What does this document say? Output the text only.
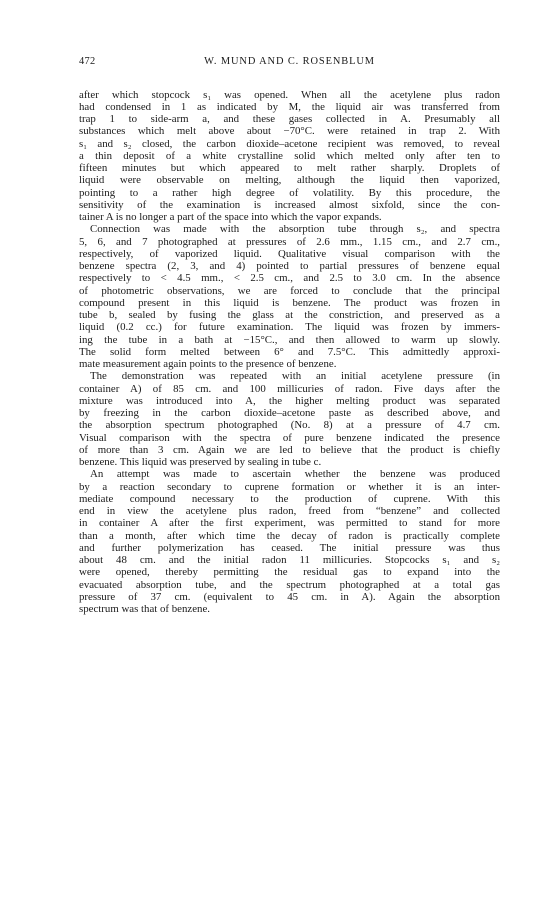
472	W. MUND AND C. ROSENBLUM
after which stopcock s₁ was opened. When all the acetylene plus radon
had condensed in 1 as indicated by M, the liquid air was transferred from
trap 1 to side-arm a, and these gases collected in A. Presumably all
substances which melt above about −70°C. were retained in trap 2. With
s₁ and s₂ closed, the carbon dioxide–acetone recipient was removed, to reveal
a thin deposit of a white crystalline solid which melted only after ten to
fifteen minutes but which appeared to melt rather sharply. Droplets of
liquid were observable on melting, although the liquid then vaporized,
pointing to a rather high degree of volatility. By this procedure, the
sensitivity of the examination is increased almost sixfold, since the con-
tainer A is no longer a part of the space into which the vapor expands.
Connection was made with the absorption tube through s₂, and spectra
5, 6, and 7 photographed at pressures of 2.6 mm., 1.15 cm., and 2.7 cm.,
respectively, of vaporized liquid. Qualitative visual comparison with the
benzene spectra (2, 3, and 4) pointed to partial pressures of benzene equal
respectively to < 4.5 mm., < 2.5 cm., and 2.5 to 3.0 cm. In the absence
of photometric observations, we are forced to conclude that the principal
compound present in this liquid is benzene. The product was frozen in
tube b, sealed by fusing the glass at the constriction, and preserved as a
liquid (0.2 cc.) for future examination. The liquid was frozen by immers-
ing the tube in a bath at −15°C., and then allowed to warm up slowly.
The solid form melted between 6° and 7.5°C. This admittedly approxi-
mate measurement again points to the presence of benzene.
The demonstration was repeated with an initial acetylene pressure (in
container A) of 85 cm. and 100 millicuries of radon. Five days after the
mixture was introduced into A, the higher melting product was separated
by freezing in the carbon dioxide–acetone paste as described above, and
the absorption spectrum photographed (No. 8) at a pressure of 4.7 cm.
Visual comparison with the spectra of pure benzene indicated the presence
of more than 3 cm. Again we are led to believe that the product is chiefly
benzene. This liquid was preserved by sealing in tube c.
An attempt was made to ascertain whether the benzene was produced
by a reaction secondary to cuprene formation or whether it is an inter-
mediate compound necessary to the production of cuprene. With this
end in view the acetylene plus radon, freed from “benzene” and collected
in container A after the first experiment, was permitted to stand for more
than a month, after which time the decay of radon is practically complete
and further polymerization has ceased. The initial pressure was thus
about 48 cm. and the initial radon 11 millicuries. Stopcocks s₁ and s₂
were opened, thereby permitting the residual gas to expand into the
evacuated absorption tube, and the spectrum photographed at a total gas
pressure of 37 cm. (equivalent to 45 cm. in A). Again the absorption
spectrum was that of benzene.
